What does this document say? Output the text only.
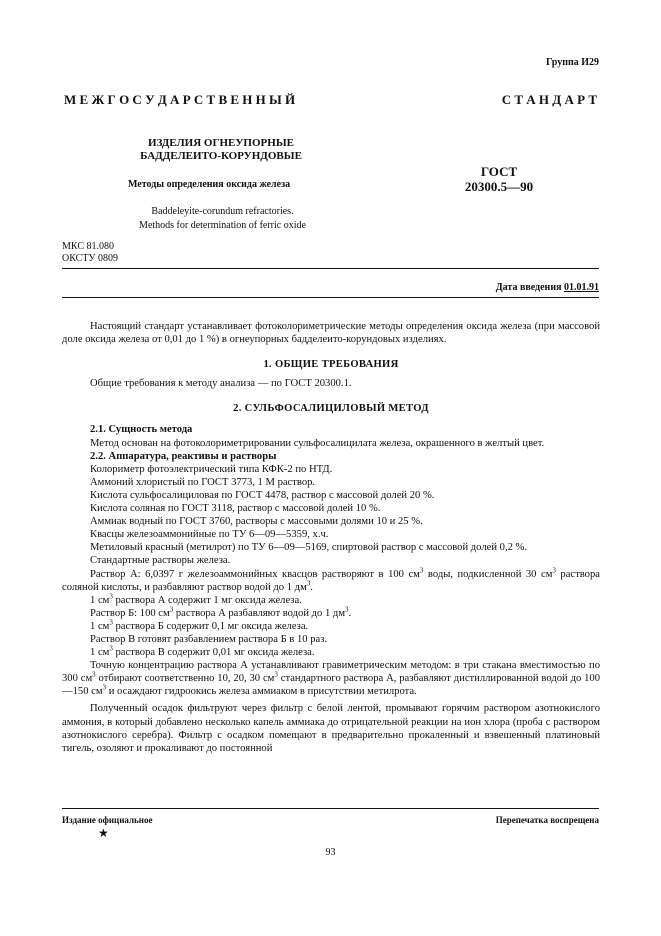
Группа И29
М Е Ж Г О С У Д А Р С Т В Е Н Н Ы Й	С Т А Н Д А Р Т
ИЗДЕЛИЯ ОГНЕУПОРНЫЕ
БАДДЕЛЕИТО-КОРУНДОВЫЕ
Методы определения оксида железа
Baddeleyite-corundum refractories.
Methods for determination of ferric oxide
ГОСТ
20300.5—90
МКС 81.080
ОКСТУ 0809
Дата введения 01.01.91

Настоящий стандарт устанавливает фотоколориметрические методы определения оксида железа (при массовой доле оксида железа от 0,01 до 1 %) в огнеупорных бадделеито-корундовых изделиях.

1. ОБЩИЕ ТРЕБОВАНИЯ

Общие требования к методу анализа — по ГОСТ 20300.1.

2. СУЛЬФОСАЛИЦИЛОВЫЙ МЕТОД

2.1. Сущность метода

Метод основан на фотоколориметрировании сульфосалицилата железа, окрашенного в желтый цвет.

2.2. Аппаратура, реактивы и растворы

Колориметр фотоэлектрический типа КФК-2 по НТД.

Аммоний хлористый по ГОСТ 3773, 1 М раствор.

Кислота сульфосалициловая по ГОСТ 4478, раствор с массовой долей 20 %.

Кислота соляная по ГОСТ 3118, раствор с массовой долей 10 %.

Аммиак водный по ГОСТ 3760, растворы с массовыми долями 10 и 25 %.

Квасцы железоаммонийные по ТУ 6—09—5359, х.ч.

Метиловый красный (метилрот) по ТУ 6—09—5169, спиртовой раствор с массовой долей 0,2 %.

Стандартные растворы железа.

Раствор А: 6,0397 г железоаммонийных квасцов растворяют в 100 $см^3$ воды, подкисленной 30 $см^3$ раствора соляной кислоты, и разбавляют раствор водой до 1 $дм^3$.

1 $см^3$ раствора А содержит 1 мг оксида железа.

Раствор Б: 100 $см^3$ раствора А разбавляют водой до 1 $дм^3$.

1 $см^3$ раствора Б содержит 0,1 мг оксида железа.

Раствор В готовят разбавлением раствора Б в 10 раз.

1 $см^3$ раствора В содержит 0,01 мг оксида железа.

Точную концентрацию раствора А устанавливают гравиметрическим методом: в три стакана вместимостью по 300 $см^3$ отбирают соответственно 10, 20, 30 $см^3$ стандартного раствора А, разбавляют дистиллированной водой до 100—150 $см^3$ и осаждают гидроокись железа аммиаком в присутствии метилрота.

Полученный осадок фильтруют через фильтр с белой лентой, промывают горячим раствором азотнокислого аммония, в который добавлено несколько капель аммиака до отрицательной реакции на ион хлора (проба с раствором азотнокислого серебра). Фильтр с осадком помещают в предварительно прокаленный и взвешенный платиновый тигель, озоляют и прокаливают до постоянной

Издание официальное
★
Перепечатка воспрещена
93
